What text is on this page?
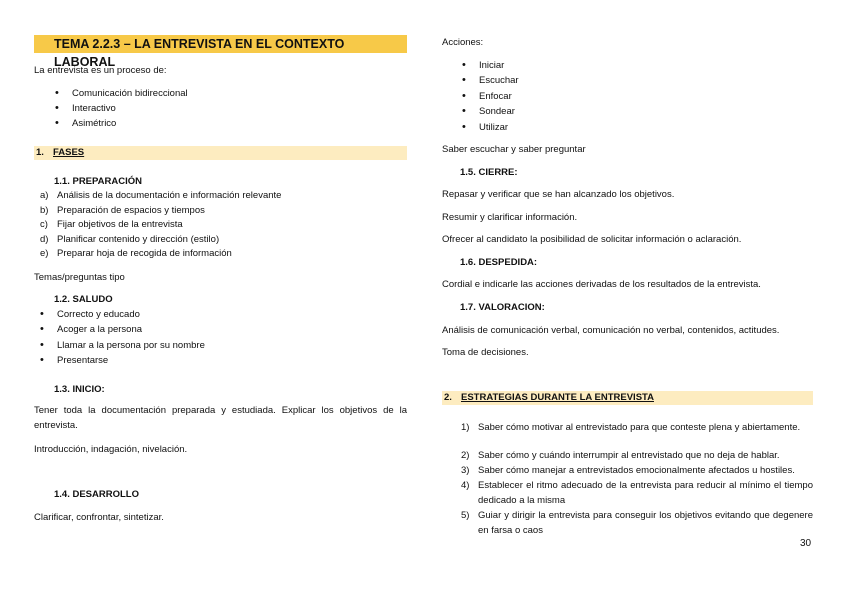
TEMA 2.2.3 – LA ENTREVISTA EN EL CONTEXTO LABORAL
La entrevista es un proceso de:
• Comunicación bidireccional
• Interactivo
• Asimétrico
1. FASES
1.1. PREPARACIÓN
a) Análisis de la documentación e información relevante
b) Preparación de espacios y tiempos
c) Fijar objetivos de la entrevista
d) Planificar contenido y dirección (estilo)
e) Preparar hoja de recogida de información
Temas/preguntas tipo
1.2. SALUDO
• Correcto y educado
• Acoger a la persona
• Llamar a la persona por su nombre
• Presentarse
1.3. INICIO:
Tener toda la documentación preparada y estudiada. Explicar los objetivos de la entrevista.
Introducción, indagación, nivelación.
1.4. DESARROLLO
Clarificar, confrontar, sintetizar.
Acciones:
• Iniciar
• Escuchar
• Enfocar
• Sondear
• Utilizar
Saber escuchar y saber preguntar
1.5. CIERRE:
Repasar y verificar que se han alcanzado los objetivos.
Resumir y clarificar información.
Ofrecer al candidato la posibilidad de solicitar información o aclaración.
1.6. DESPEDIDA:
Cordial e indicarle las acciones derivadas de los resultados de la entrevista.
1.7. VALORACION:
Análisis de comunicación verbal, comunicación no verbal, contenidos, actitudes.
Toma de decisiones.
2. ESTRATEGIAS DURANTE LA ENTREVISTA
1) Saber cómo motivar al entrevistado para que conteste plena y abiertamente.
2) Saber cómo y cuándo interrumpir al entrevistado que no deja de hablar.
3) Saber cómo manejar a entrevistados emocionalmente afectados u hostiles.
4) Establecer el ritmo adecuado de la entrevista para reducir al mínimo el tiempo dedicado a la misma
5) Guiar y dirigir la entrevista para conseguir los objetivos evitando que degenere en farsa o caos
30
